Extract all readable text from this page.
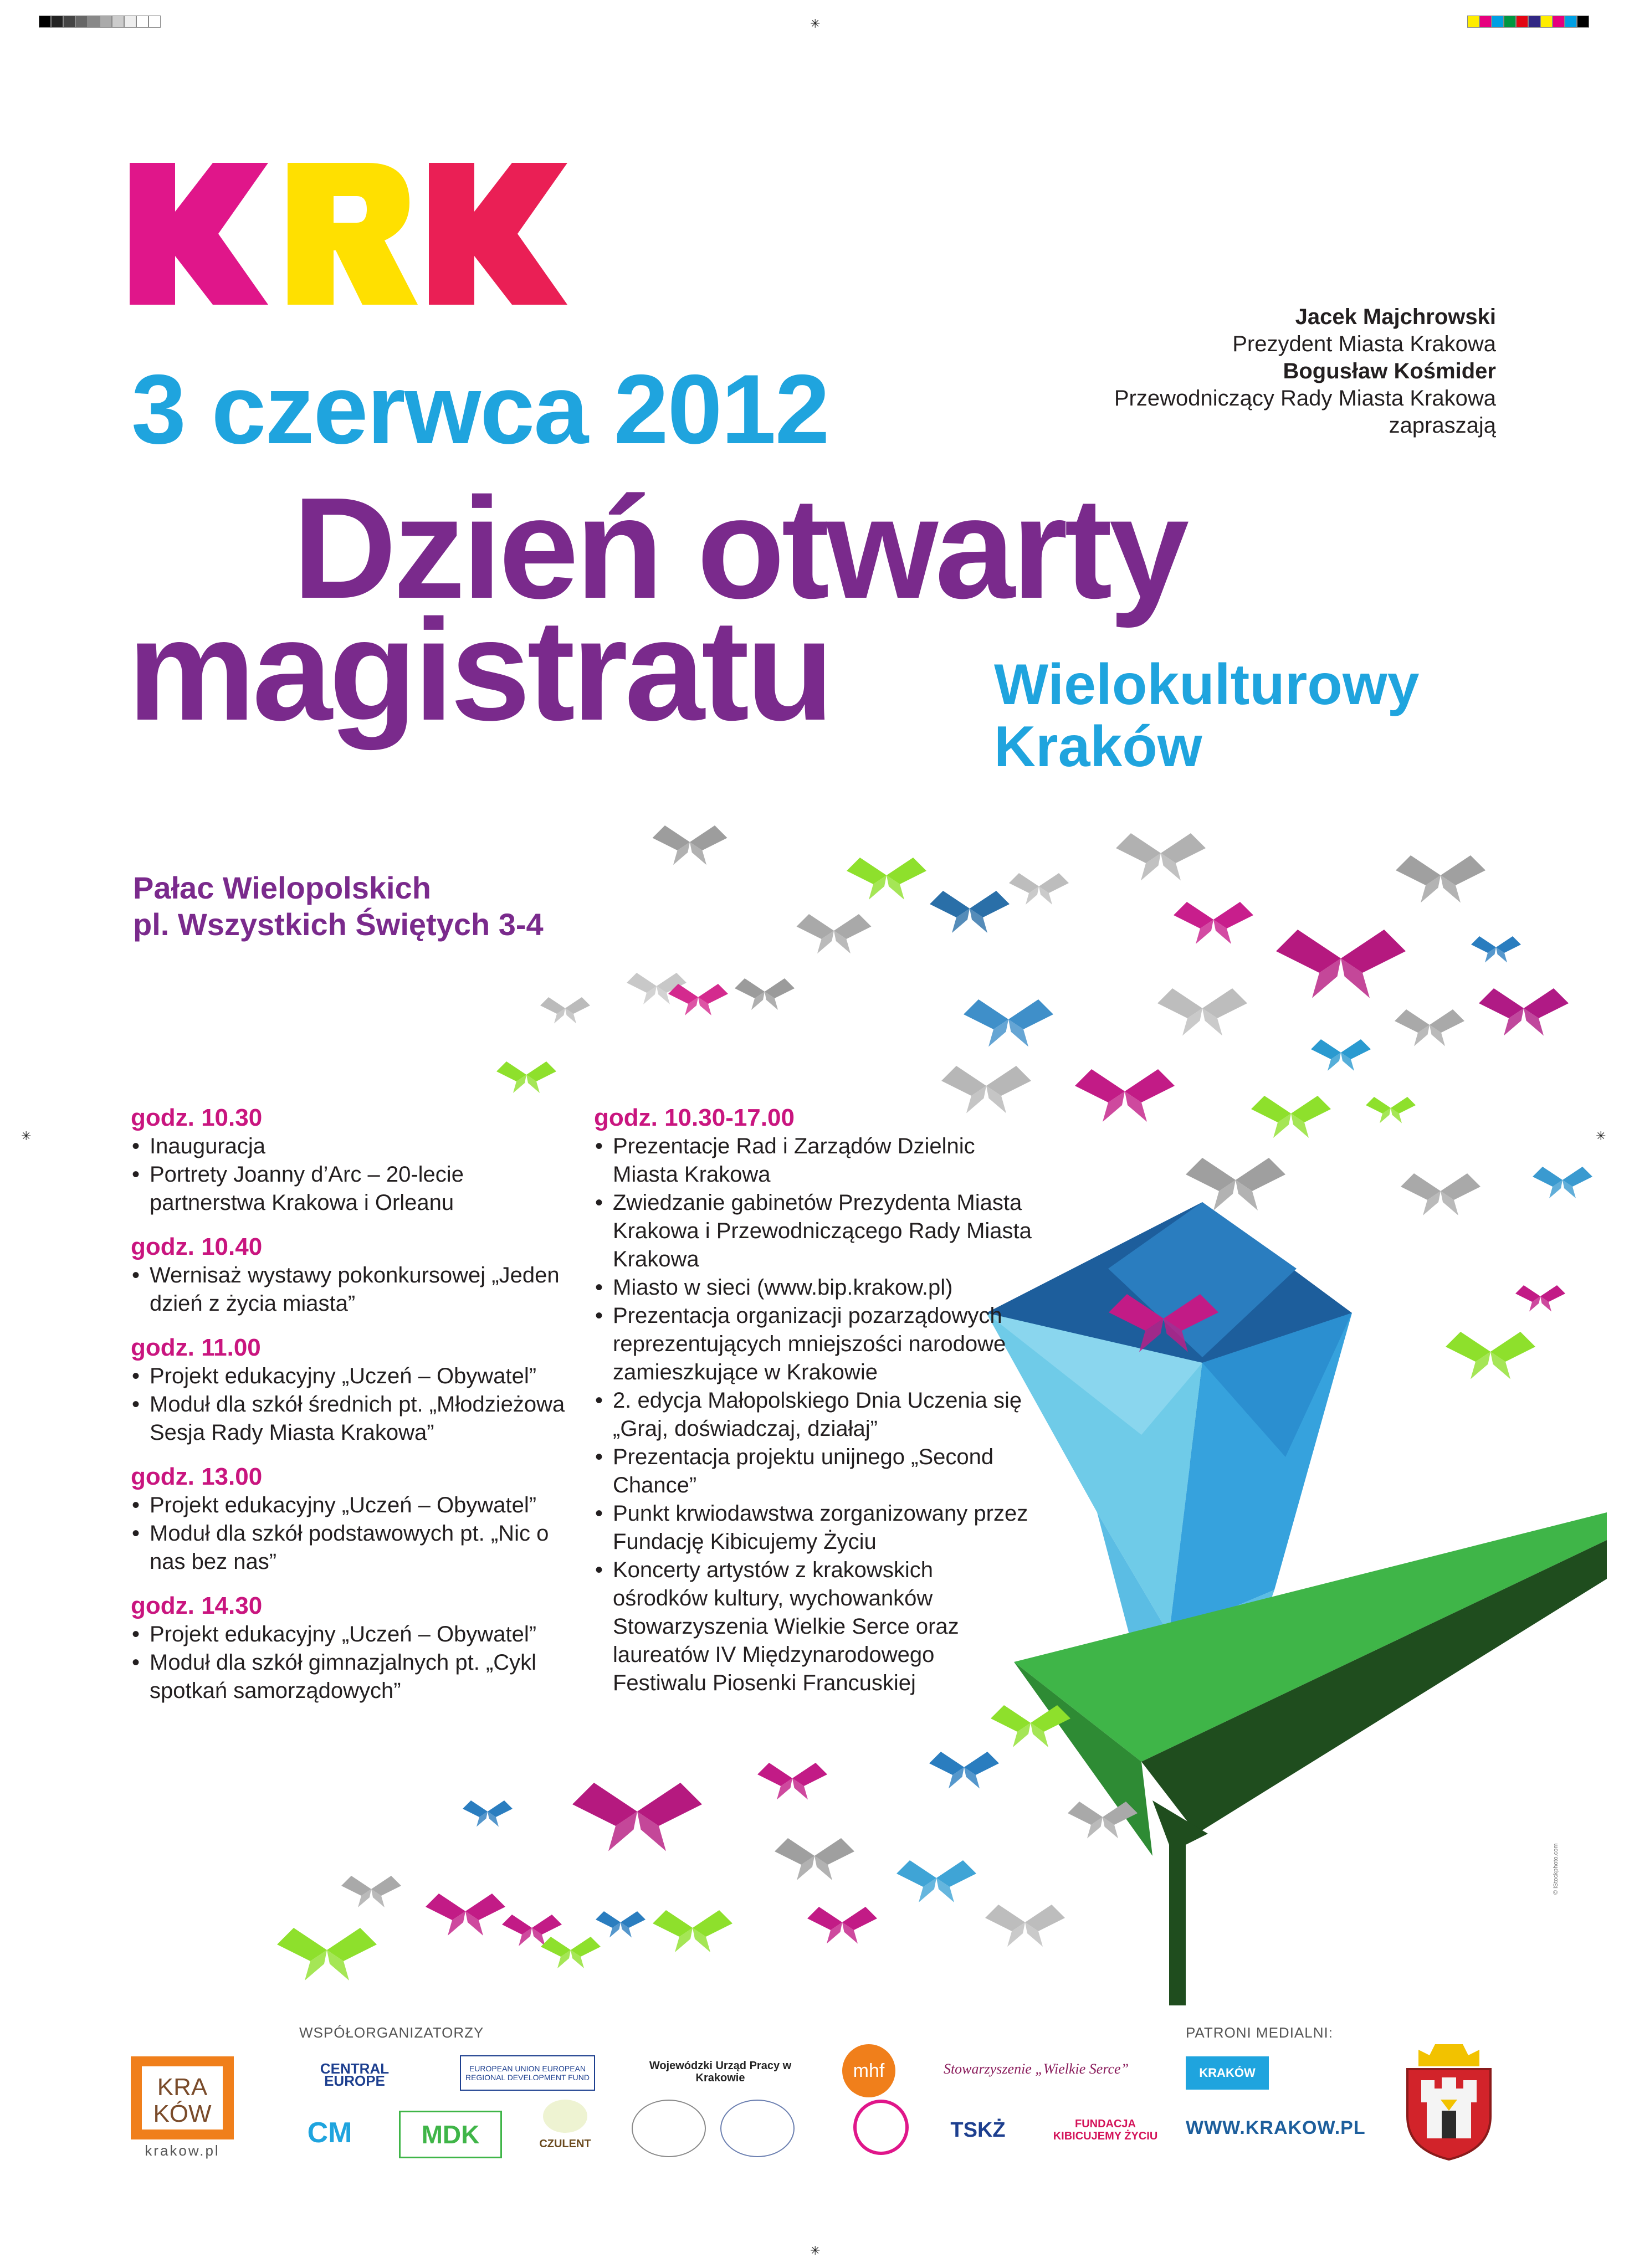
✳
✳	✳
✳
Jacek Majchrowski
Prezydent Miasta Krakowa
Bogusław Kośmider
Przewodniczący Rady Miasta Krakowa
zapraszają
3 czerwca 2012
Dzień otwarty
magistratu	Wielokulturowy
Kraków
Pałac Wielopolskich
pl. Wszystkich Świętych 3-4
godz. 10.30
• Inauguracja
• Portrety Joanny d’Arc – 20-lecie partnerstwa Krakowa i Orleanu
godz. 10.40
• Wernisaż wystawy pokonkursowej „Jeden dzień z życia miasta”
godz. 11.00
• Projekt edukacyjny „Uczeń – Obywatel”
• Moduł dla szkół średnich pt. „Młodzieżowa Sesja Rady Miasta Krakowa”
godz. 13.00
• Projekt edukacyjny „Uczeń – Obywatel”
• Moduł dla szkół podstawowych pt. „Nic o nas bez nas”
godz. 14.30
• Projekt edukacyjny „Uczeń – Obywatel”
• Moduł dla szkół gimnazjalnych pt. „Cykl spotkań samorządowych”
godz. 10.30-17.00
• Prezentacje Rad i Zarządów Dzielnic Miasta Krakowa
• Zwiedzanie gabinetów Prezydenta Miasta Krakowa i Przewodniczącego Rady Miasta Krakowa
• Miasto w sieci (www.bip.krakow.pl)
• Prezentacja organizacji pozarządowych reprezentujących mniejszości narodowe zamieszkujące w Krakowie
• 2. edycja Małopolskiego Dnia Uczenia się „Graj, doświadczaj, działaj”
• Prezentacja projektu unijnego „Second Chance”
• Punkt krwiodawstwa zorganizowany przez Fundację Kibicujemy Życiu
• Koncerty artystów z krakowskich ośrodków kultury, wychowanków Stowarzyszenia Wielkie Serce oraz laureatów IV Międzynarodowego Festiwalu Piosenki Francuskiej
WSPÓŁORGANIZATORZY	PATRONI MEDIALNI:
KRA
KÓW
krakow.pl
CENTRAL EUROPE
EUROPEAN UNION EUROPEAN REGIONAL DEVELOPMENT FUND
Wojewódzki Urząd Pracy w Krakowie	mhf	Stowarzyszenie „Wielkie Serce”
CM	MDK	CZULENT
TSKŻ	FUNDACJA KIBICUJEMY ŻYCIU
KRAKÓW
WWW.KRAKOW.PL
© iStockphoto.com
